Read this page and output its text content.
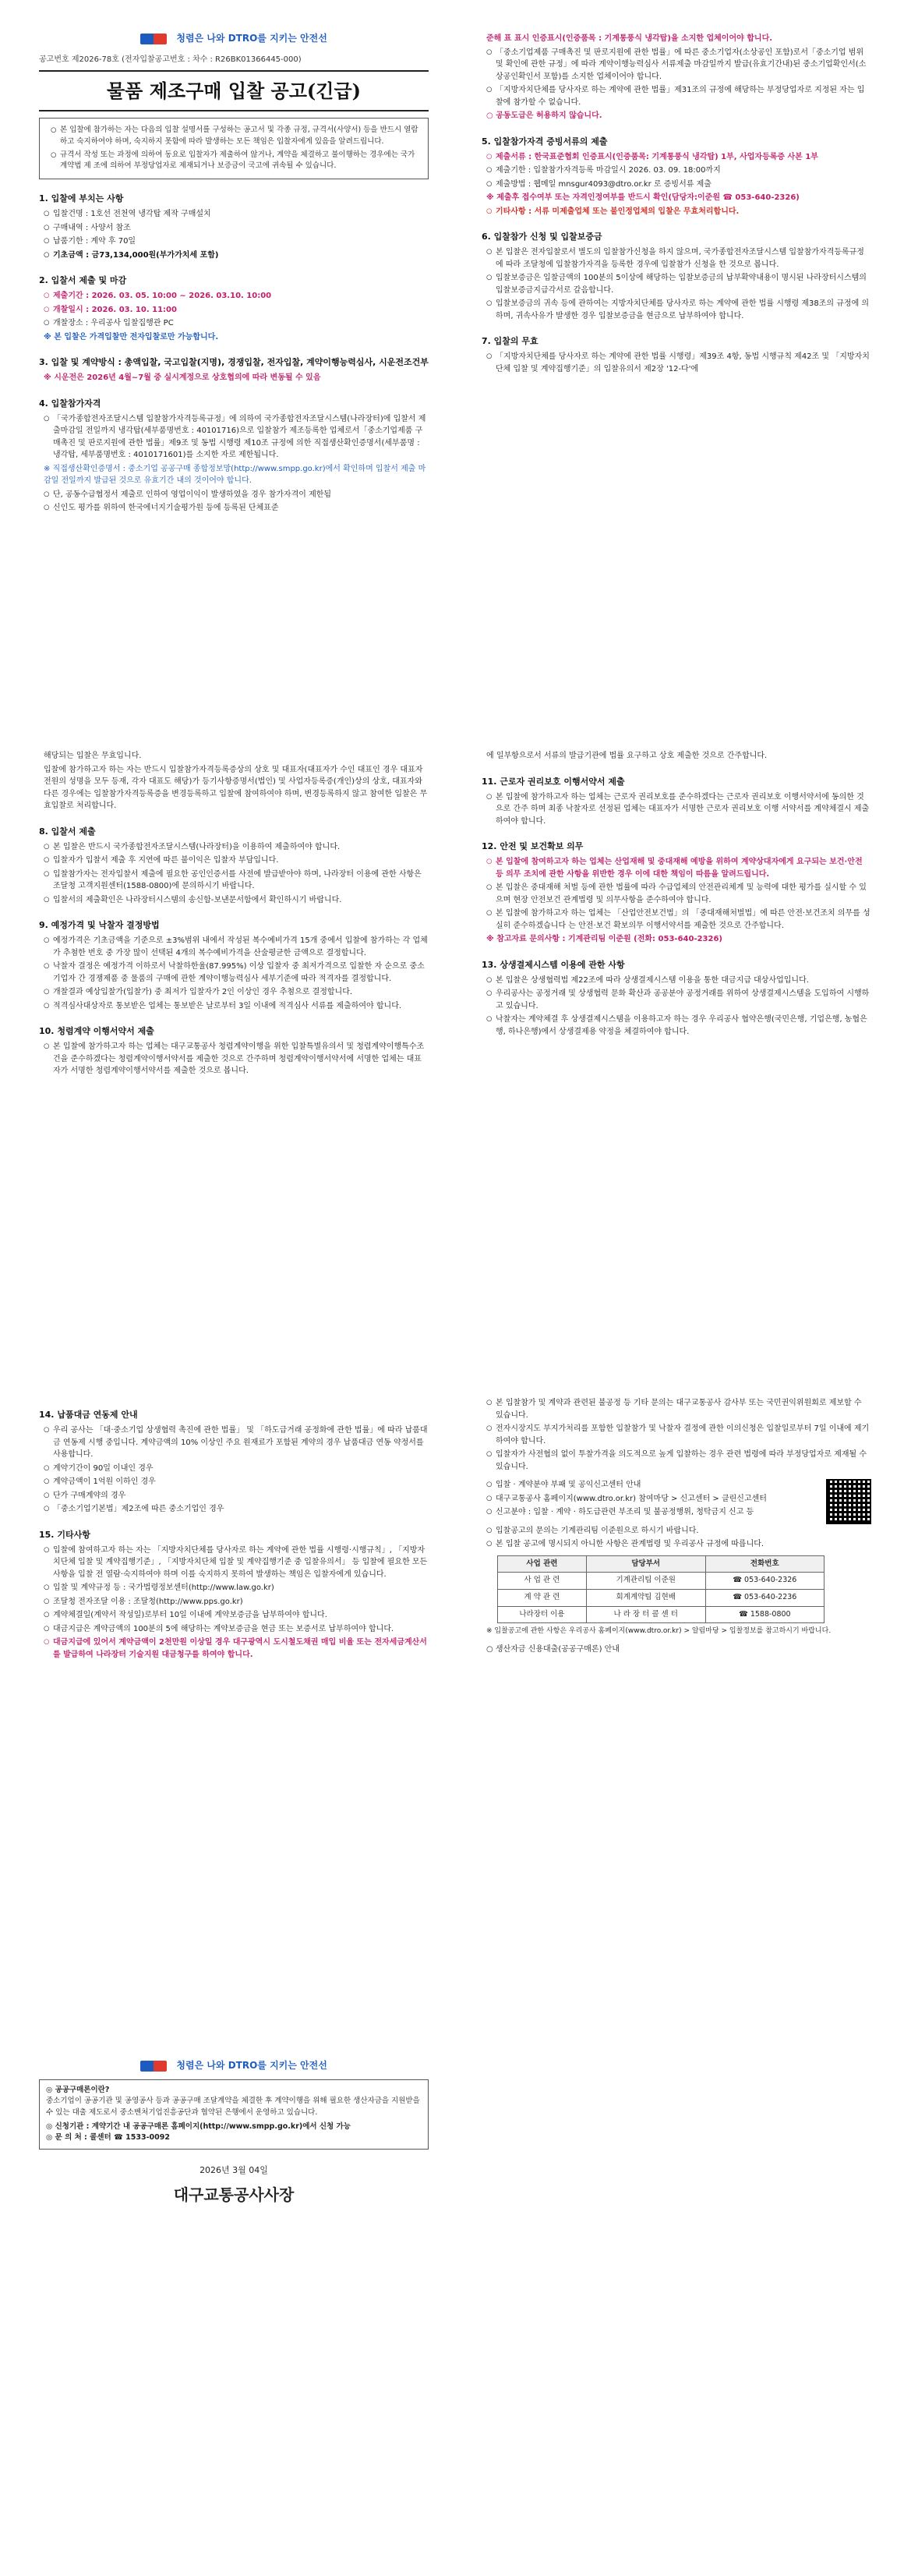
청렴은 나와 DTRO를 지키는 안전선
공고번호 제2026-78호 (전자입찰공고번호 : 차수 : R26BK01366445-000)
물품 제조구매 입찰 공고(긴급)
○ 본 입찰에 참가하는 자는 다음의 입찰 설명서를 구성하는 공고서 및 각종 규정, 규격서(사양서) 등을 반드시 열람하고 숙지하여야 하며, 숙지하지 못함에 따라 발생하는 모든 책임은 입찰자에게 있음을 알려드립니다.
○ 규격서 작성 또는 과정에 의하여 동요로 입찰자가 제출하여 않거나, 계약을 체결하고 불이행하는 경우에는 국가계약법 제 조에 의하여 부정당업자로 제재되거나 보증금이 국고에 귀속될 수 있습니다.
1. 입찰에 부치는 사항
○ 입찰건명 : 1호선 전천역 냉각탑 제작 구매설치
○ 구매내역 : 사양서 참조
○ 납품기한 : 계약 후 70일
○ 기초금액 : 금73,134,000원(부가가치세 포함)
2. 입찰서 제출 및 마감
○ 제출기간 : 2026. 03. 05. 10:00 ~ 2026. 03.10. 10:00
○ 개찰일시 : 2026. 03. 10. 11:00
○ 개찰장소 : 우리공사 입찰집행관 PC
※ 본 입찰은 가격입찰만 전자입찰로만 가능합니다.
3. 입찰 및 계약방식 : 총액입찰, 국고입찰(지명), 경쟁입찰, 전자입찰, 계약이행능력심사, 시운전조건부
※ 시운전은 2026년 4월~7월 중 실시계정으로 상호협의에 따라 변동될 수 있음
4. 입찰참가자격
○ 「국가종합전자조달시스템 입찰참가자격등록규정」에 의하여 국가종합전자조달시스템(나라장터)에 입찰서 제출마감일 전일까지 냉각탑(세부품명번호 : 40101716)으로 입찰참가 제조등록한 업체로서「중소기업제품 구매촉진 및 판로지원에 관한 법률」제9조 및 동법 시행령 제10조 규정에 의한 직접생산확인증명서(세부품명 : 냉각탑, 세부품명번호 : 4010171601)를 소지한 자로 제한됩니다.
※ 직접생산확인증명서 : 중소기업 공공구매 종합정보망(http://www.smpp.go.kr)에서 확인하며 입찰서 제출 마감일 전일까지 발급된 것으로 유효기간 내의 것이어야 합니다.
○ 단, 공동수급협정서 제출로 인하여 영업이익이 발생하였을 경우 참가자격이 제한됨
○ 신인도 평가를 위하여 한국에너지기술평가원 등에 등록된 단체표준
준해 표 표시 인증표시(인증품목 : 기계통풍식 냉각탑)을 소지한 업체이어야 합니다.
○ 「중소기업제품 구매촉진 및 판로지원에 관한 법률」에 따른 중소기업자(소상공인 포함)로서「중소기업 범위 및 확인에 관한 규정」에 따라 계약이행능력심사 서류제출 마감일까지 발급(유효기간내)된 중소기업확인서(소상공인확인서 포함)를 소지한 업체이어야 합니다.
○ 「지방자치단체를 당사자로 하는 계약에 관한 법률」제31조의 규정에 해당하는 부정당업자로 지정된 자는 입찰에 참가할 수 없습니다.
○ 공동도급은 허용하지 않습니다.
5. 입찰참가자격 증빙서류의 제출
○ 제출서류 : 한국표준협회 인증표시(인증품목: 기계통풍식 냉각탑) 1부, 사업자등록증 사본 1부
○ 제출기한 : 입찰참가자격등록 마감일시 2026. 03. 09. 18:00까지
○ 제출방법 : 웹메일 mnsgur4093@dtro.or.kr 로 증빙서류 제출
※ 제출후 접수여부 또는 자격인정여부를 반드시 확인(담당자:이준원 ☎ 053-640-2326)
○ 기타사항 : 서류 미제출업체 또는 불인정업체의 입찰은 무효처리합니다.
6. 입찰참가 신청 및 입찰보증금
○ 본 입찰은 전자입찰로서 별도의 입찰참가신청을 하지 않으며, 국가종합전자조달시스템 입찰참가자격등록규정에 따라 조달청에 입찰참가자격을 등록한 경우에 입찰참가 신청을 한 것으로 봅니다.
○ 입찰보증금은 입찰금액의 100분의 5이상에 해당하는 입찰보증금의 납부확약내용이 명시된 나라장터시스템의 입찰보증금지급각서로 갈음합니다.
○ 입찰보증금의 귀속 등에 관하여는 지방자치단체를 당사자로 하는 계약에 관한 법률 시행령 제38조의 규정에 의하며, 귀속사유가 발생한 경우 입찰보증금을 현금으로 납부하여야 합니다.
7. 입찰의 무효
○ 「지방자치단체를 당사자로 하는 계약에 관한 법률 시행령」제39조 4항, 동법 시행규칙 제42조 및 「지방자치단체 입찰 및 계약집행기준」의 입찰유의서 제2장 '12-다'에
해당되는 입찰은 무효입니다.
입찰에 참가하고자 하는 자는 반드시 입찰참가자격등록증상의 상호 및 대표자(대표자가 수인 대표인 경우 대표자 전원의 성명을 모두 등재, 각자 대표도 해당)가 등기사항증명서(법인) 및 사업자등록증(개인)상의 상호, 대표자와 다른 경우에는 입찰참가자격등록증을 변경등록하고 입찰에 참여하여야 하며, 변경등록하지 않고 참여한 입찰은 무효입찰로 처리합니다.
8. 입찰서 제출
○ 본 입찰은 반드시 국가종합전자조달시스템(나라장터)을 이용하여 제출하여야 합니다.
○ 입찰자가 입찰서 제출 후 지연에 따른 불이익은 입찰자 부담입니다.
○ 입찰참가자는 전자입찰서 제출에 필요한 공인인증서를 사전에 발급받아야 하며, 나라장터 이용에 관한 사항은 조달청 고객지원센터(1588-0800)에 문의하시기 바랍니다.
○ 입찰서의 제출확인은 나라장터시스템의 송신함-보낸문서함에서 확인하시기 바랍니다.
9. 예정가격 및 낙찰자 결정방법
○ 예정가격은 기초금액을 기준으로 ±3%범위 내에서 작성된 복수예비가격 15개 중에서 입찰에 참가하는 각 업체가 추첨한 번호 중 가장 많이 선택된 4개의 복수예비가격을 산술평균한 금액으로 결정합니다.
○ 낙찰자 결정은 예정가격 이하로서 낙찰하한율(87.995%) 이상 입찰자 중 최저가격으로 입찰한 자 순으로 중소기업자 간 경쟁제품 중 물품의 구매에 관한 계약이행능력심사 세부기준에 따라 적격자를 결정합니다.
○ 개찰결과 예상입찰가(입찰가) 중 최저가 입찰자가 2인 이상인 경우 추첨으로 결정합니다.
○ 적격심사대상자로 통보받은 업체는 통보받은 날로부터 3일 이내에 적격심사 서류를 제출하여야 합니다.
10. 청렴계약 이행서약서 제출
○ 본 입찰에 참가하고자 하는 업체는 대구교통공사 청렴계약이행을 위한 입찰특별유의서 및 청렴계약이행특수조건을 준수하겠다는 청렴계약이행서약서를 제출한 것으로 간주하며 청렴계약이행서약서에 서명한 업체는 대표자가 서명한 청렴계약이행서약서를 제출한 것으로 봅니다.
에 일부항으로서 서류의 발급기관에 법률 요구하고 상호 제출한 것으로 간주합니다.
11. 근로자 권리보호 이행서약서 제출
○ 본 입찰에 참가하고자 하는 업체는 근로자 권리보호를 준수하겠다는 근로자 권리보호 이행서약서에 동의한 것으로 간주 하며 최종 낙찰자로 선정된 업체는 대표자가 서명한 근로자 권리보호 이행 서약서를 계약체결시 제출하여야 합니다.
12. 안전 및 보건확보 의무
○ 본 입찰에 참여하고자 하는 업체는 산업재해 및 중대재해 예방을 위하여 계약상대자에게 요구되는 보건·안전 등 의무 조치에 관한 사항을 위반한 경우 이에 대한 책임이 따름을 알려드립니다.
○ 본 입찰은 중대재해 처벌 등에 관한 법률에 따라 수급업체의 안전관리체계 및 능력에 대한 평가를 실시할 수 있으며 현장 안전보건 관계법령 및 의무사항을 준수하여야 합니다.
○ 본 입찰에 참가하고자 하는 업체는 「산업안전보건법」의 「중대재해처벌법」에 따른 안전·보건조치 의무를 성실히 준수하겠습니다 는 안전·보건 확보의무 이행서약서를 제출한 것으로 간주합니다.
※ 참고자료 문의사항 : 기계관리팀 이준원 (전화: 053-640-2326)
13. 상생결제시스템 이용에 관한 사항
○ 본 입찰은 상생협력법 제22조에 따라 상생결제시스템 이용을 통한 대금지급 대상사업입니다.
○ 우리공사는 공정거래 및 상생협력 문화 확산과 공공분야 공정거래를 위하여 상생결제시스템을 도입하여 시행하고 있습니다.
○ 낙찰자는 계약체결 후 상생결제시스템을 이용하고자 하는 경우 우리공사 협약은행(국민은행, 기업은행, 농협은행, 하나은행)에서 상생결제용 약정을 체결하여야 합니다.
14. 납품대금 연동제 안내
○ 우리 공사는 「대·중소기업 상생협력 촉진에 관한 법률」 및 「하도급거래 공정화에 관한 법률」에 따라 납품대금 연동제 시행 중입니다. 계약금액의 10% 이상인 주요 원재료가 포함된 계약의 경우 납품대금 연동 약정서를 사용합니다.
○ 계약기간이 90일 이내인 경우
○ 계약금액이 1억원 이하인 경우
○ 단가 구매계약의 경우
○ 「중소기업기본법」제2조에 따른 중소기업인 경우
15. 기타사항
○ 입찰에 참여하고자 하는 자는 「지방자치단체를 당사자로 하는 계약에 관한 법률 시행령·시행규칙」, 「지방자치단체 입찰 및 계약집행기준」, 「지방자치단체 입찰 및 계약집행기준 중 입찰유의서」 등 입찰에 필요한 모든 사항을 입찰 전 열람·숙지하여야 하며 이를 숙지하지 못하여 발생하는 책임은 입찰자에게 있습니다.
○ 입찰 및 계약규정 등 : 국가법령정보센터(http://www.law.go.kr)
○ 조달청 전자조달 이용 : 조달청(http://www.pps.go.kr)
○ 계약체결일(계약서 작성일)로부터 10일 이내에 계약보증금을 납부하여야 합니다.
○ 대금지급은 계약금액의 100분의 5에 해당하는 계약보증금을 현금 또는 보증서로 납부하여야 합니다.
○ 대금지급에 있어서 계약금액이 2천만원 이상일 경우 대구광역시 도시철도채권 매입 비율 또는 전자세금계산서를 발급하여 나라장터 기술지원 대금청구를 하여야 합니다.
○ 본 입찰참가 및 계약과 관련된 불공정 등 기타 문의는 대구교통공사 감사부 또는 국민권익위원회로 제보할 수 있습니다.
○ 전자시장지도 부지가처리를 포함한 입찰참가 및 낙찰자 결정에 관한 이의신청은 입찰일로부터 7일 이내에 제기하여야 합니다.
○ 입찰자가 사전협의 없이 투찰가격을 의도적으로 높게 입찰하는 경우 관련 법령에 따라 부정당업자로 제재될 수 있습니다.
○ 입찰 · 계약분야 부패 및 공익신고센터 안내
○ 대구교통공사 홈페이지(www.dtro.or.kr) 참여마당 > 신고센터 > 클린신고센터
○ 신고분야 : 입찰 · 계약 · 하도급관련 부조리 및 불공정행위, 청탁금지 신고 등
○ 입찰공고의 문의는 기계관리팀 이준원으로 하시기 바랍니다.
○ 본 입찰 공고에 명시되지 아니한 사항은 관계법령 및 우리공사 규정에 따릅니다.
사업 관련	담당부서	전화번호
사 업 관 련	기계관리팀 이준원	☎ 053-640-2326
계 약 관 련	회계계약팀 김현배	☎ 053-640-2236
나라장터 이용	나 라 장 터 콜 센 터	☎ 1588-0800
※ 입찰공고에 관한 사항은 우리공사 홈페이지(www.dtro.or.kr) > 알림마당 > 입찰정보를 참고하시기 바랍니다.
○ 생산자금 신용대출(공공구매론) 안내
청렴은 나와 DTRO를 지키는 안전선
◎ 공공구매론이란?
중소기업이 공공기관 및 공영공사 등과 공공구매 조달계약을 체결한 후 계약이행을 위해 필요한 생산자금을 지원받을 수 있는 대출 제도로서 중소벤처기업진흥공단과 협약된 은행에서 운영하고 있습니다.
◎ 신청기관 : 계약기간 내 공공구매론 홈페이지(http://www.smpp.go.kr)에서 신청 가능
◎ 문 의 처 : 콜센터 ☎ 1533-0092
2026년 3월 04일
대구교통공사사장
